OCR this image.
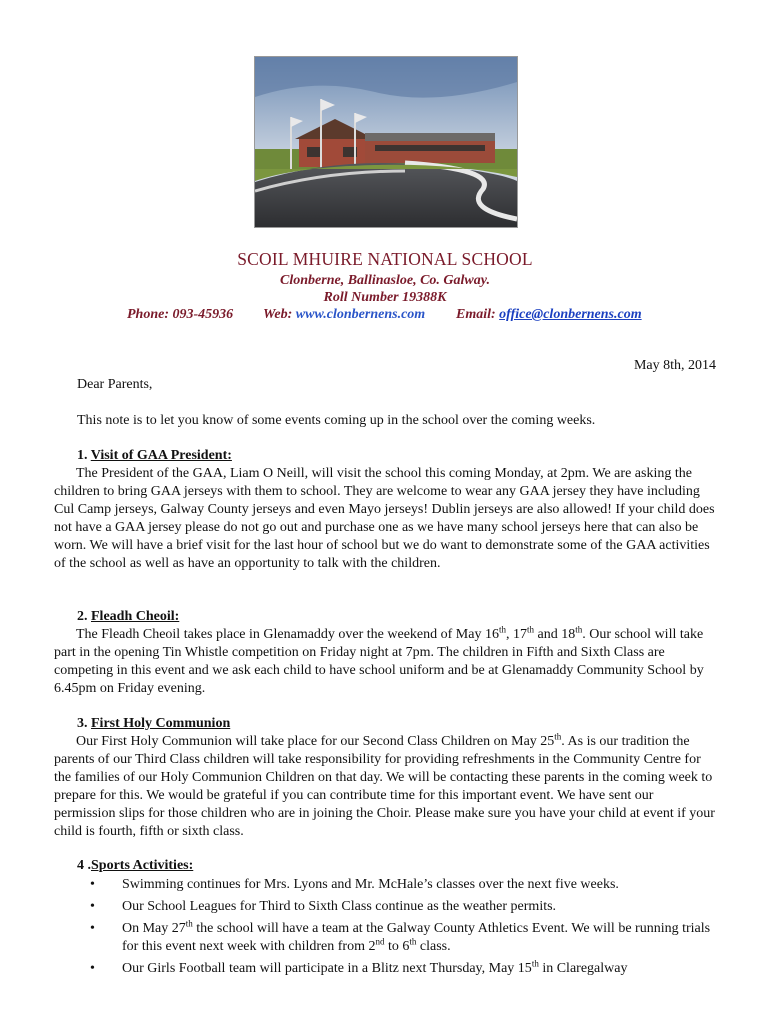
SCOIL MHUIRE NATIONAL SCHOOL
Clonberne, Ballinasloe, Co. Galway.
Roll Number 19388K
Phone: 093-45936 Web: www.clonbernens.com Email: office@clonbernens.com
May 8th, 2014
Dear Parents,
This note is to let you know of some events coming up in the school over the coming weeks.
1. Visit of GAA President:

The President of the GAA, Liam O Neill, will visit the school this coming Monday, at 2pm. We are asking the children to bring GAA jerseys with them to school. They are welcome to wear any GAA jersey they have including Cul Camp jerseys, Galway County jerseys and even Mayo jerseys! Dublin jerseys are also allowed! If your child does not have a GAA jersey please do not go out and purchase one as we have many school jerseys here that can also be worn. We will have a brief visit for the last hour of school but we do want to demonstrate some of the GAA activities of the school as well as have an opportunity to talk with the children.

2. Fleadh Cheoil:

The Fleadh Cheoil takes place in Glenamaddy over the weekend of May 16th, 17th and 18th. Our school will take part in the opening Tin Whistle competition on Friday night at 7pm. The children in Fifth and Sixth Class are competing in this event and we ask each child to have school uniform and be at Glenamaddy Community School by 6.45pm on Friday evening.

3. First Holy Communion

Our First Holy Communion will take place for our Second Class Children on May 25th. As is our tradition the parents of our Third Class children will take responsibility for providing refreshments in the Community Centre for the families of our Holy Communion Children on that day. We will be contacting these parents in the coming week to prepare for this. We would be grateful if you can contribute time for this important event. We have sent our permission slips for those children who are in joining the Choir. Please make sure you have your child at event if your child is fourth, fifth or sixth class.

4 .Sports Activities:
• Swimming continues for Mrs. Lyons and Mr. McHale’s classes over the next five weeks.
• Our School Leagues for Third to Sixth Class continue as the weather permits.
• On May 27th the school will have a team at the Galway County Athletics Event. We will be running trials for this event next week with children from 2nd to 6th class.
• Our Girls Football team will participate in a Blitz next Thursday, May 15th in Claregalway
